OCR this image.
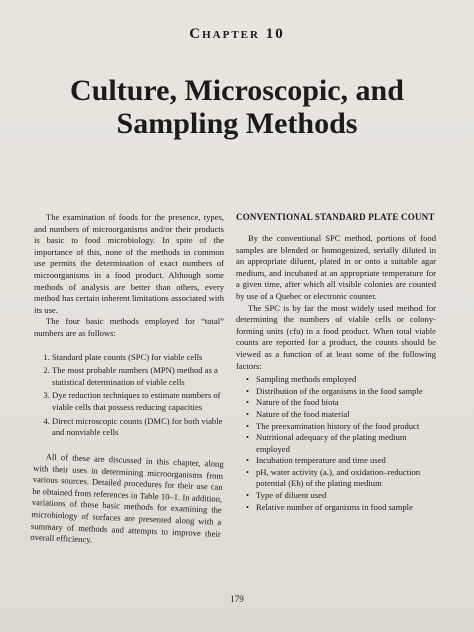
Chapter 10
Culture, Microscopic, and Sampling Methods

The examination of foods for the presence, types, and numbers of microorganisms and/or their products is basic to food microbiology. In spite of the importance of this, none of the methods in common use permits the determination of exact numbers of microorganisms in a food product. Although some methods of analysis are better than others, every method has certain inherent limitations associated with its use.

The four basic methods employed for “total” numbers are as follows:

1. Standard plate counts (SPC) for viable cells
2. The most probable numbers (MPN) method as a statistical determination of viable cells
3. Dye reduction techniques to estimate numbers of viable cells that possess reducing capacities
4. Direct microscopic counts (DMC) for both viable and nonviable cells

All of these are discussed in this chapter, along with their uses in determining microorganisms from various sources. Detailed procedures for their use can be obtained from references in Table 10–1. In addition, variations of these basic methods for examining the microbiology of surfaces are presented along with a summary of methods and attempts to improve their overall efficiency.

CONVENTIONAL STANDARD PLATE COUNT

By the conventional SPC method, portions of food samples are blended or homogenized, serially diluted in an appropriate diluent, plated in or onto a suitable agar medium, and incubated at an appropriate temperature for a given time, after which all visible colonies are counted by use of a Quebec or electronic counter.

The SPC is by far the most widely used method for determining the numbers of viable cells or colony-forming units (cfu) in a food product. When total viable counts are reported for a product, the counts should be viewed as a function of at least some of the following factors:

• Sampling methods employed
• Distribution of the organisms in the food sample
• Nature of the food biota
• Nature of the food material
• The preexamination history of the food product
• Nutritional adequacy of the plating medium employed
• Incubation temperature and time used
• pH, water activity (aᵥ), and oxidation–reduction potential (Eh) of the plating medium
• Type of diluent used
• Relative number of organisms in food sample
179
